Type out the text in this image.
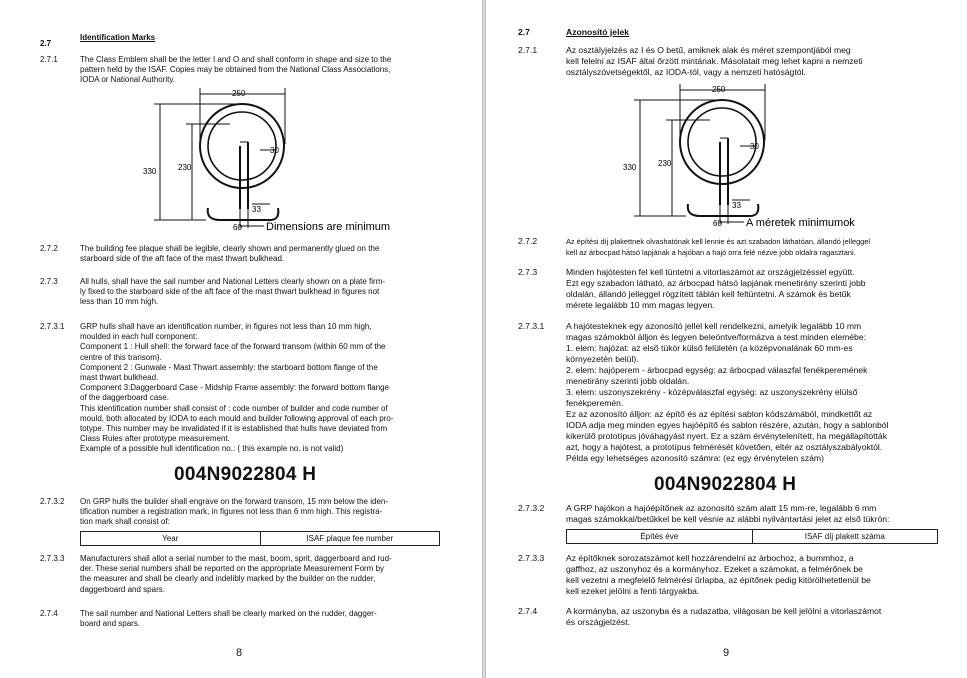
2.7
Identification Marks
2.7.1	The Class Emblem shall be the letter I and O and shall conform in shape and size to the

pattern held by the ISAF. Copies may be obtained from the National Class Associations,

IODA or National Authority.

250
330	230
30
33
60 Dimensions are minimum
2.7.2	The building fee plaque shall be legible, clearly shown and permanently glued on the

starboard side of the aft face of the mast thwart bulkhead.

2.7.3	All hulls, shall have the sail number and National Letters clearly shown on a plate firm-

ly fixed to the starboard side of the aft face of the mast thwart bulkhead in figures not

less than 10 mm high.

2.7.3.1 GRP hulls shall have an identification number, in figures not less than 10 mm high,

moulded in each hull component:

Component 1 : Hull shell: the forward face of the forward transom (within 60 mm of the

centre of this transom).

Component 2 : Gunwale - Mast Thwart assembly: the starboard bottom flange of the

mast thwart bulkhead.

Component 3:Daggerboard Case - Midship Frame assembly: the forward bottom flange

of the daggerboard case.

This identification number shall consist of : code number of builder and code number of

mould, both allocated by IODA to each mould and builder following approval of each pro-

totype. This number may be invalidated if it is established that hulls have deviated from

Class Rules after prototype measurement.

Example of a possible hull identification no.: ( this example no. is not valid)

004N9022804 H
2.7.3.2 On GRP hulls the builder shall engrave on the forward transom, 15 mm below the iden-

tification number a registration mark, in figures not less than 6 mm high. This registra-

tion mark shall consist of:

Year	ISAF plaque fee number
2.7.3.3 Manufacturers shall allot a serial number to the mast, boom, sprit, daggerboard and rud-

der. These serial numbers shall be reported on the appropriate Measurement Form by

the measurer and shall be clearly and indelibly marked by the builder on the rudder,

daggerboard and spars.

2.7.4	The sail number and National Letters shall be clearly marked on the rudder, dagger-

board and spars.

8
2.7	Azonosító jelek
2.7.1	Az osztályjelzés az I és O betű, amiknek alak és méret szempontjából meg

kell felelni az ISAF által őrzött mintának. Másolatait meg lehet kapni a nemzeti

osztályszövetségektől, az IODA-tól, vagy a nemzeti hatóságtól.

250
330	230
30
33
60 A méretek minimumok
2.7.2	Az építési díj plakettnek olvashatónak kell lennie és azt szabadon láthatóan, állandó jelleggel

kell az árbocpad hátsó lapjának a hajóban a hajó orra felé nézve jobb oldalra ragasztani.

2.7.3	Minden hajótesten fel kell tüntetni a vitorlaszámot az országjelzéssel együtt.

Ezt egy szabadon látható, az árbocpad hátsó lapjának menetirány szerinti jobb

oldalán, állandó jelleggel rögzített táblán kell feltüntetni. A számok és betűk

mérete legalább 10 mm magas legyen.

2.7.3.1	A hajótesteknek egy azonosító jellel kell rendelkezni, amelyik legalább 10 mm

magas számokból álljon és legyen beleöntve/formázva a test minden elemébe:

1. elem: hajózat: az első tükör külső felületén (a középvonalának 60 mm-es

környezetén belül).

2. elem: hajóperem - árbocpad egység: az árbocpad válaszfal fenékperemének

menetirány szerinti jobb oldalán.

3. elem: uszonyszekrény - középválaszfal egység: az uszonyszekrény elülső

fenékperemén.

Ez az azonosító álljon: az építő és az építési sablon kódszámából, mindkettőt az

IODA adja meg minden egyes hajóépítő és sablon részére, azután, hogy a sablonból

kikerülő prototípus jóváhagyást nyert. Ez a szám érvénytelenített, ha megállapították

azt, hogy a hajótest, a prototípus felmérését követően, eltér az osztályszabályoktól.

Példa egy lehetséges azonosító számra: (ez egy érvénytelen szám)

004N9022804 H
2.7.3.2	A GRP hajókon a hajóépítőnek az azonosító szám alatt 15 mm-re, legalább 6 mm

magas számokkal/betűkkel be kell vésnie az alábbi nyilvántartási jelet az első tükrön:

Építés éve	ISAF díj plakett száma
2.7.3.3	Az építőknek sorozatszámot kell hozzárendelni az árbochoz, a bummhoz, a

gaffhoz, az uszonyhoz és a kormányhoz. Ezeket a számokat, a felmérőnek be

kell vezetni a megfelelő felmérési űrlapba, az építőnek pedig kitörölhetetlenül be

kell ezeket jelölni a fenti tárgyakba.

2.7.4	A kormányba, az uszonyba és a rudazatba, világosan be kell jelölni a vitorlaszámot

és országjelzést.

9
